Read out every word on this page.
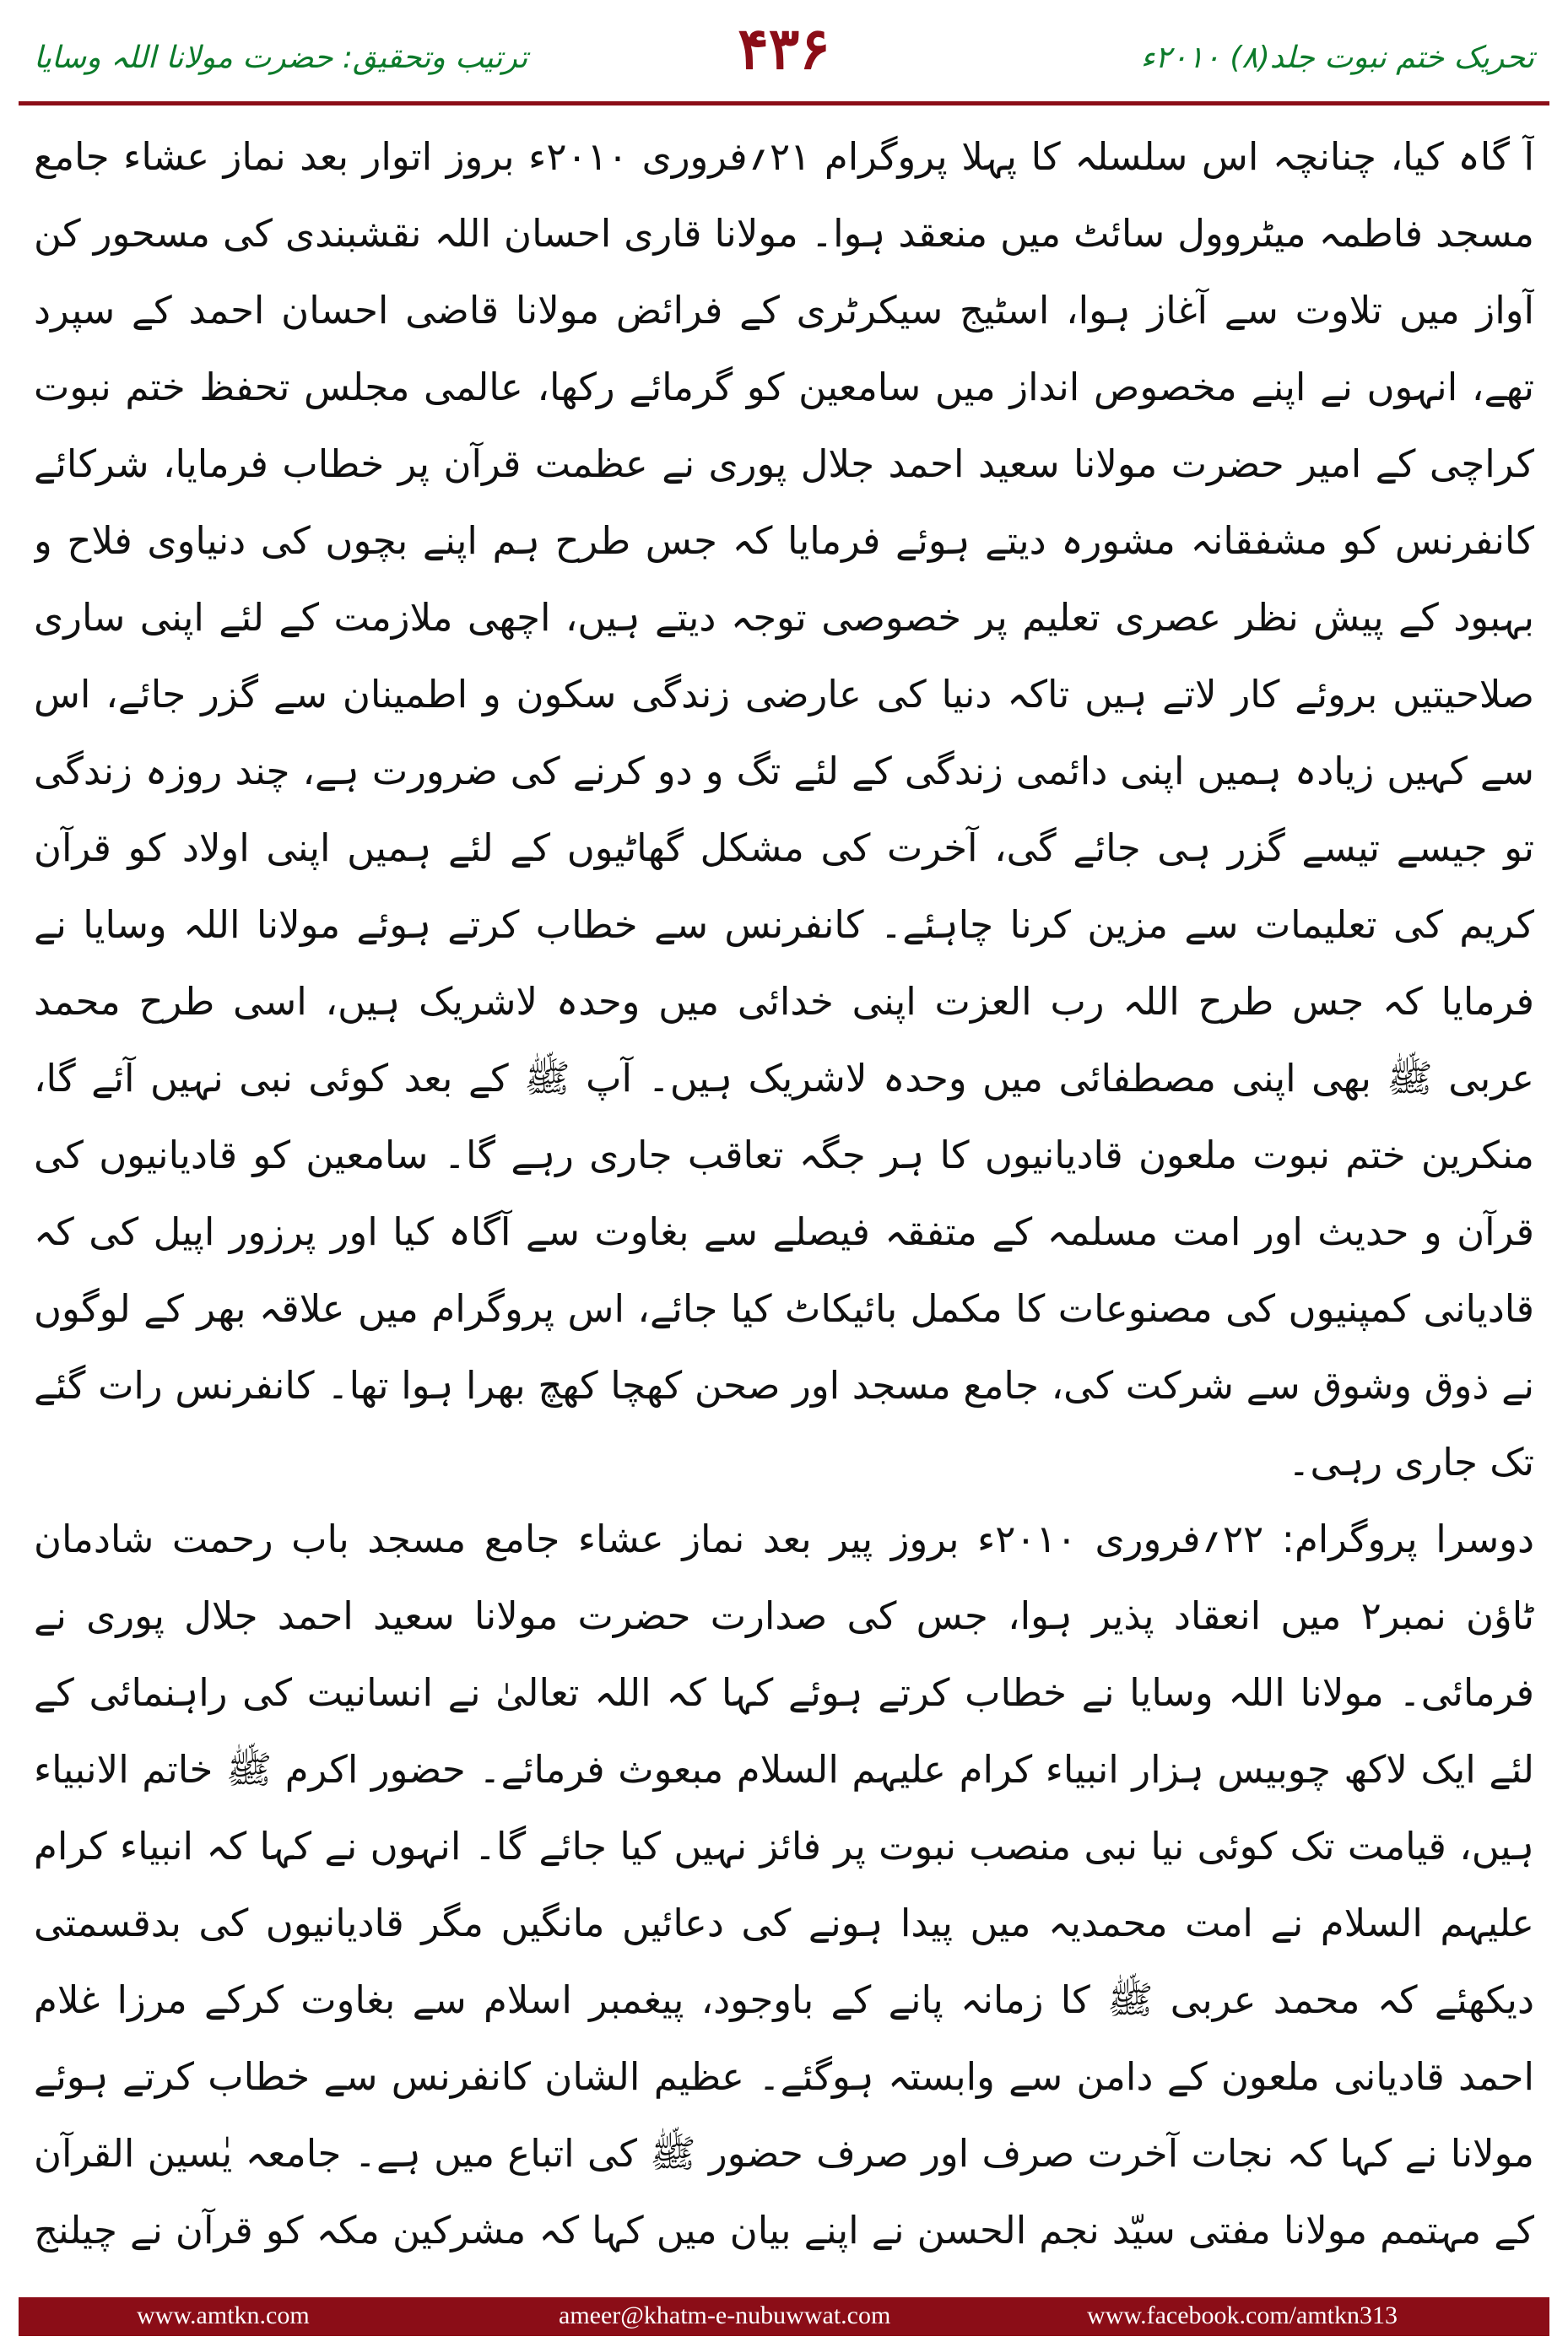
ترتیب وتحقیق: حضرت مولانا اللہ وسایا	۴۳۶	تحریک ختم نبوت جلد(۸) ۲۰۱۰ء

آ گاہ کیا، چنانچہ اس سلسلہ کا پہلا پروگرام ۲۱؍فروری ۲۰۱۰ء بروز اتوار بعد نماز عشاء جامع مسجد فاطمہ میٹروول سائٹ میں منعقد ہوا۔ مولانا قاری احسان اللہ نقشبندی کی مسحور کن آواز میں تلاوت سے آغاز ہوا، اسٹیج سیکرٹری کے فرائض مولانا قاضی احسان احمد کے سپرد تھے، انہوں نے اپنے مخصوص انداز میں سامعین کو گرمائے رکھا، عالمی مجلس تحفظ ختم نبوت کراچی کے امیر حضرت مولانا سعید احمد جلال پوری نے عظمت قرآن پر خطاب فرمایا، شرکائے کانفرنس کو مشفقانہ مشورہ دیتے ہوئے فرمایا کہ جس طرح ہم اپنے بچوں کی دنیاوی فلاح و بہبود کے پیش نظر عصری تعلیم پر خصوصی توجہ دیتے ہیں، اچھی ملازمت کے لئے اپنی ساری صلاحیتیں بروئے کار لاتے ہیں تاکہ دنیا کی عارضی زندگی سکون و اطمینان سے گزر جائے، اس سے کہیں زیادہ ہمیں اپنی دائمی زندگی کے لئے تگ و دو کرنے کی ضرورت ہے، چند روزہ زندگی تو جیسے تیسے گزر ہی جائے گی، آخرت کی مشکل گھاٹیوں کے لئے ہمیں اپنی اولاد کو قرآن کریم کی تعلیمات سے مزین کرنا چاہئے۔ کانفرنس سے خطاب کرتے ہوئے مولانا اللہ وسایا نے فرمایا کہ جس طرح اللہ رب العزت اپنی خدائی میں وحدہ لاشریک ہیں، اسی طرح محمد عربی ﷺ بھی اپنی مصطفائی میں وحدہ لاشریک ہیں۔ آپ ﷺ کے بعد کوئی نبی نہیں آئے گا، منکرین ختم نبوت ملعون قادیانیوں کا ہر جگہ تعاقب جاری رہے گا۔ سامعین کو قادیانیوں کی قرآن و حدیث اور امت مسلمہ کے متفقہ فیصلے سے بغاوت سے آگاہ کیا اور پرزور اپیل کی کہ قادیانی کمپنیوں کی مصنوعات کا مکمل بائیکاٹ کیا جائے، اس پروگرام میں علاقہ بھر کے لوگوں نے ذوق وشوق سے شرکت کی، جامع مسجد اور صحن کھچا کھچ بھرا ہوا تھا۔ کانفرنس رات گئے تک جاری رہی۔

دوسرا پروگرام: ۲۲؍فروری ۲۰۱۰ء بروز پیر بعد نماز عشاء جامع مسجد باب رحمت شادمان ٹاؤن نمبر۲ میں انعقاد پذیر ہوا، جس کی صدارت حضرت مولانا سعید احمد جلال پوری نے فرمائی۔ مولانا اللہ وسایا نے خطاب کرتے ہوئے کہا کہ اللہ تعالیٰ نے انسانیت کی راہنمائی کے لئے ایک لاکھ چوبیس ہزار انبیاء کرام علیہم السلام مبعوث فرمائے۔ حضور اکرم ﷺ خاتم الانبیاء ہیں، قیامت تک کوئی نیا نبی منصب نبوت پر فائز نہیں کیا جائے گا۔ انہوں نے کہا کہ انبیاء کرام علیہم السلام نے امت محمدیہ میں پیدا ہونے کی دعائیں مانگیں مگر قادیانیوں کی بدقسمتی دیکھئے کہ محمد عربی ﷺ کا زمانہ پانے کے باوجود، پیغمبر اسلام سے بغاوت کرکے مرزا غلام احمد قادیانی ملعون کے دامن سے وابستہ ہوگئے۔ عظیم الشان کانفرنس سے خطاب کرتے ہوئے مولانا نے کہا کہ نجات آخرت صرف اور صرف حضور ﷺ کی اتباع میں ہے۔ جامعہ یٰسین القرآن کے مہتمم مولانا مفتی سیّد نجم الحسن نے اپنے بیان میں کہا کہ مشرکین مکہ کو قرآن نے چیلنج

www.amtkn.com	ameer@khatm-e-nubuwwat.com	www.facebook.com/amtkn313
